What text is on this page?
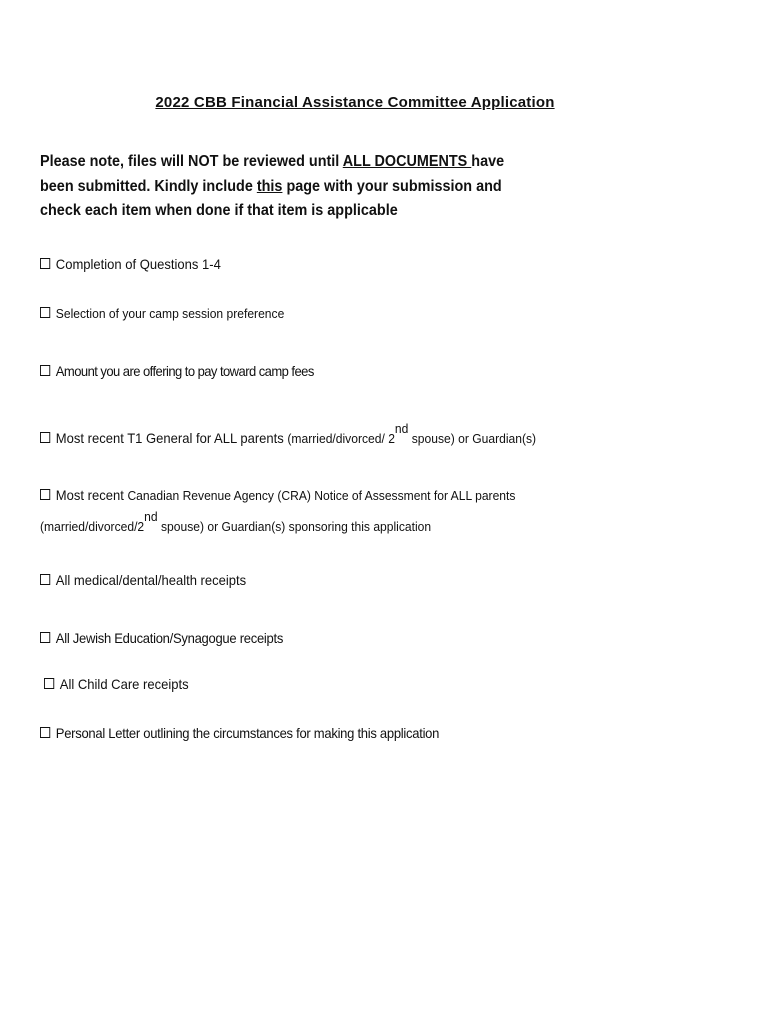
2022 CBB Financial Assistance Committee Application
Please note, files will NOT be reviewed until ALL DOCUMENTS have been submitted. Kindly include this page with your submission and check each item when done if that item is applicable
Completion of Questions 1-4
Selection of your camp session preference
Amount you are offering to pay toward camp fees
Most recent T1 General for ALL parents (married/divorced/ 2nd spouse) or Guardian(s)
Most recent Canadian Revenue Agency (CRA) Notice of Assessment for ALL parents
(married/divorced/2nd spouse) or Guardian(s) sponsoring this application
All medical/dental/health receipts
All Jewish Education/Synagogue receipts
All Child Care receipts
Personal Letter outlining the circumstances for making this application
